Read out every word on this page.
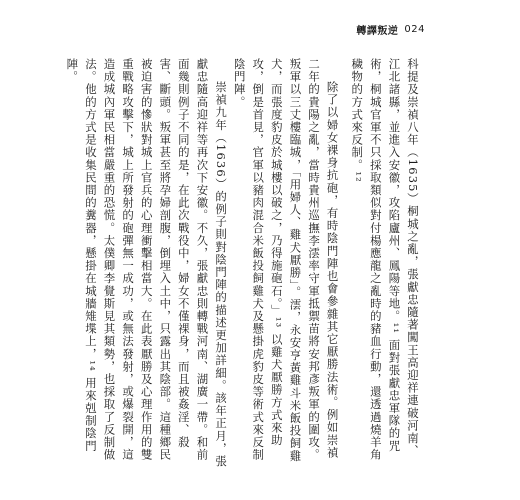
轉譯叛逆 024

科提及崇禎八年（1635）桐城之亂，張獻忠隨著闖王高迎祥連破河南、江北諸縣，並進入安徽，攻陷廬州、鳳陽等地。¹¹ 面對張獻忠軍隊的咒術，桐城官軍不只採取類似對付楊應龍之亂時的豬血行動，還透過燒羊角穢物的方式來反制。¹²

除了以婦女裸身抗砲，有時陰門陣也會參雜其它厭勝法術。例如崇禎二年的貴陽之亂，當時貴州巡撫李澐率守軍抵禦苗將安邦彥叛軍的圍攻。叛軍以三丈樓臨城，「用婦人、雞犬厭勝」。澐，永安亨黃雞斗米飯投飼雞犬，而張度豹皮於城樓以破之，乃得施砲石。」¹³ 以雞犬厭勝方式來助攻，倒是首見，官軍以豬肉混合米飯投飼雞犬及懸掛虎豹皮等術式來反制陰門陣。

崇禎九年（1636）的例子則對陰門陣的描述更加詳細。該年正月，張獻忠隨高迎祥等再次下安徽。不久，張獻忠則轉戰河南、湖廣一帶。和前面幾則例子不同的是，在此次戰役中，婦女不僅裸身，而且被姦淫、殺害、斷頭。叛軍甚至將孕婦剖腹，倒埋入土中，只露出其陰部。這種鄉民被迫害的慘狀對城上官兵的心理衝擊相當大。在此表厭勝及心理作用的雙重戰略攻擊下，城上所發射的砲彈無一成功，或無法發射，或爆裂開，這造成城內軍民相當嚴重的恐慌。太僕卿李覺斯見其類勢，也採取了反制做法。他的方式是收集民間的糞器，懸掛在城牆雉堞上，¹⁴ 用來剋制陰門陣。
